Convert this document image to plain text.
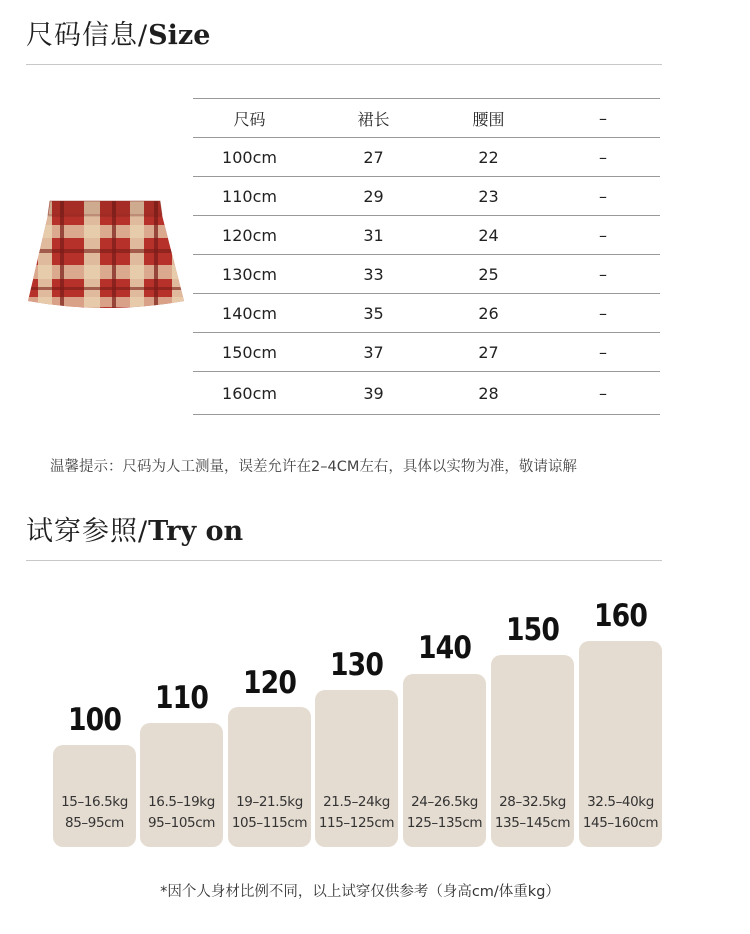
尺码信息/Size
尺码	裙长	腰围	–
100cm	27	22	–
110cm	29	23	–
120cm	31	24	–
130cm	33	25	–
140cm	35	26	–
150cm	37	27	–
160cm	39	28	–
温馨提示：尺码为人工测量，误差允许在2–4CM左右，具体以实物为准，敬请谅解
试穿参照/Try on
100
15–16.5kg
85–95cm
110
16.5–19kg
95–105cm
120
19–21.5kg
105–115cm
130
21.5–24kg
115–125cm
140
24–26.5kg
125–135cm
150
28–32.5kg
135–145cm
160
32.5–40kg
145–160cm
*因个人身材比例不同，以上试穿仅供参考（身高cm/体重kg）
